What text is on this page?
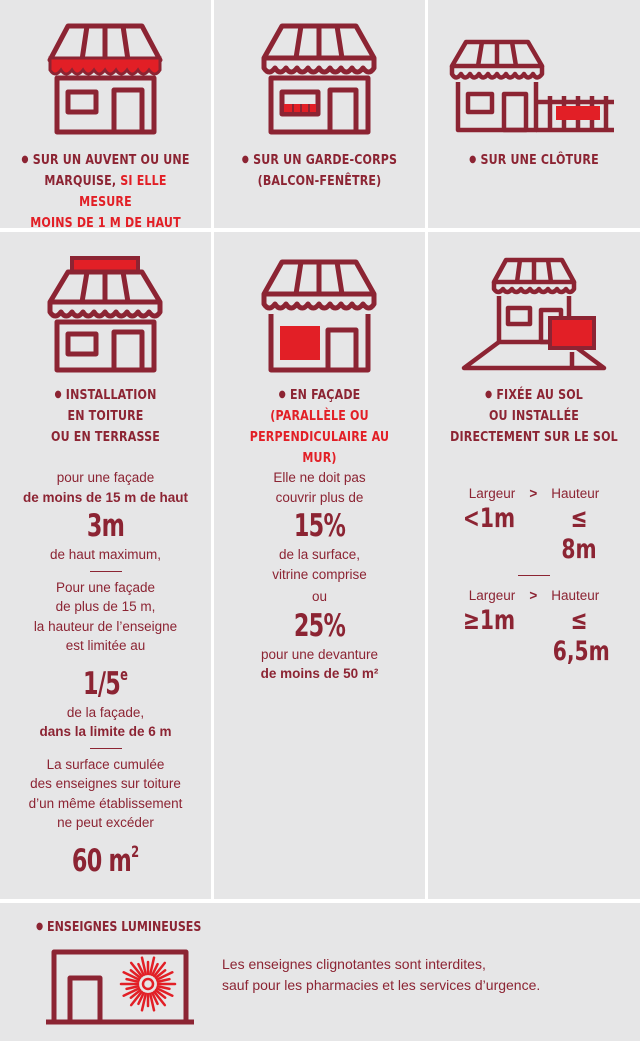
● SUR UN AUVENT OU UNE
MARQUISE, SI ELLE MESURE
MOINS DE 1 M DE HAUT
● SUR UN GARDE-CORPS
(BALCON-FENÊTRE)
● SUR UNE CLÔTURE
● INSTALLATION
EN TOITURE
OU EN TERRASSE
pour une façade
de moins de 15 m de haut
3m
de haut maximum,
Pour une façade
de plus de 15 m,
la hauteur de l’enseigne
est limitée au
1/5e
de la façade,
dans la limite de 6 m
La surface cumulée
des enseignes sur toiture
d’un même établissement
ne peut excéder
60 $m^2$
● EN FAÇADE
(PARALLÈLE OU
PERPENDICULAIRE AU MUR)
Elle ne doit pas
couvrir plus de
15%
de la surface,
vitrine comprise
ou
25%
pour une devanture
de moins de 50 m²
● FIXÉE AU SOL
OU INSTALLÉE
DIRECTEMENT SUR LE SOL
Largeur > Hauteur
<1m	≤ 8m
Largeur > Hauteur
≥1m	≤ 6,5m
● ENSEIGNES LUMINEUSES
Les enseignes clignotantes sont interdites,
sauf pour les pharmacies et les services d’urgence.
